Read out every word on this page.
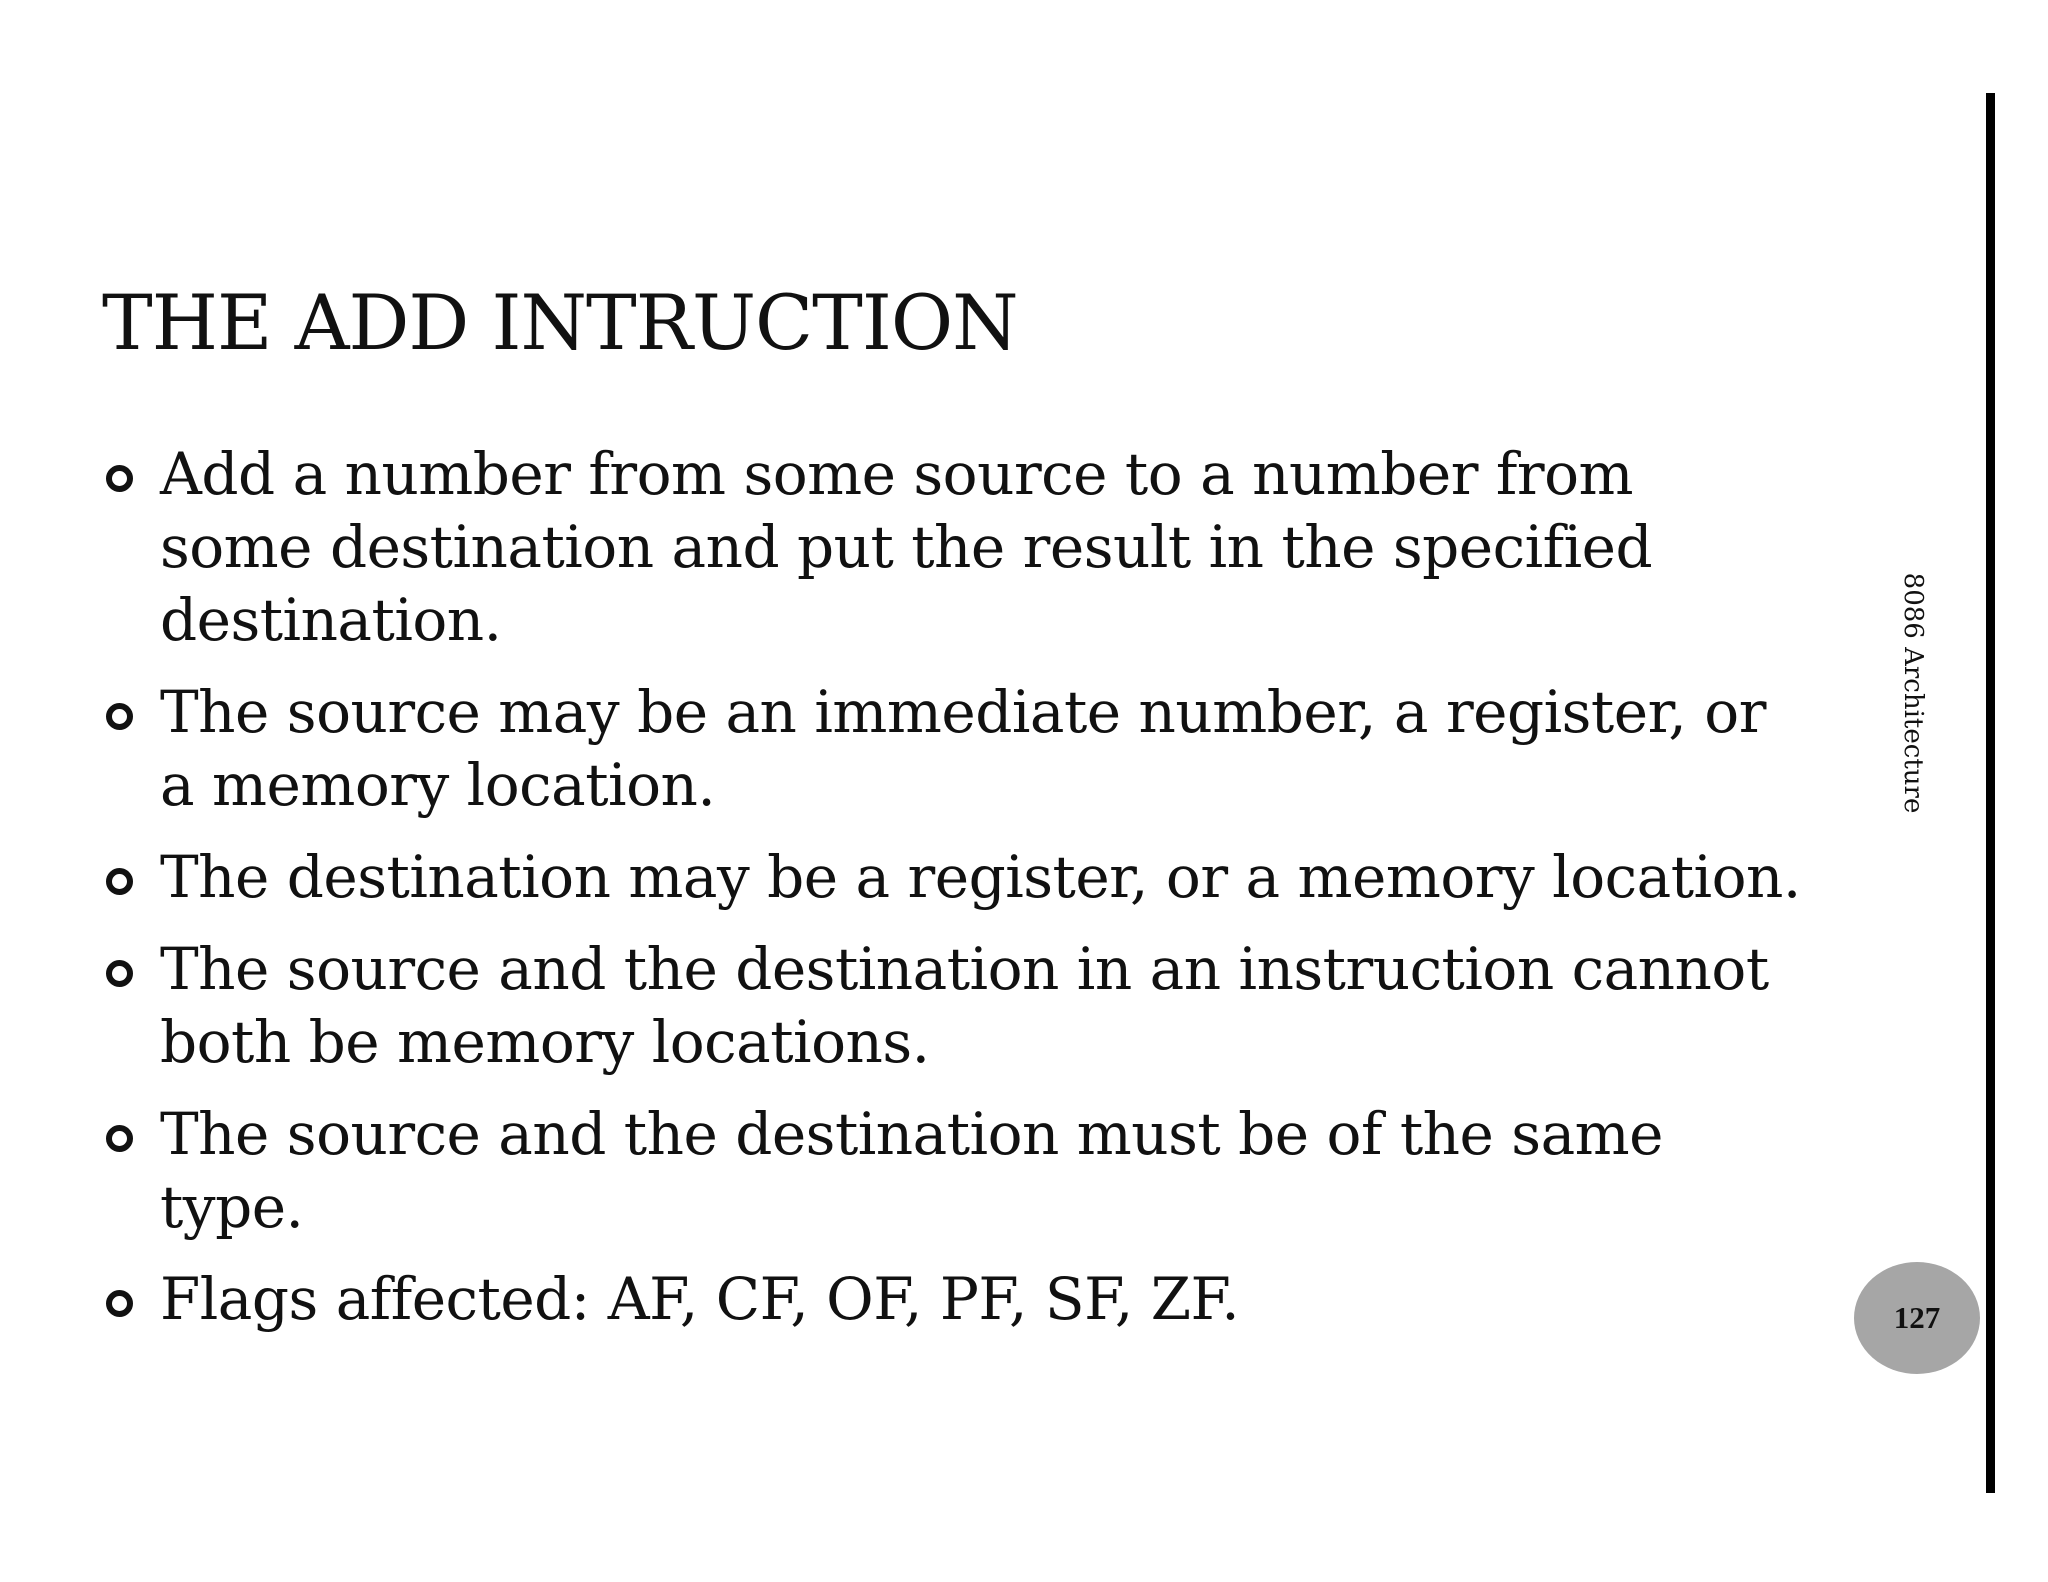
THE ADD INTRUCTION
Add a number from some source to a number from some destination and put the result in the specified destination.
The source may be an immediate number, a register, or a memory location.
The destination may be a register, or a memory location.
The source and the destination in an instruction cannot both be memory locations.
The source and the destination must be of the same type.
Flags affected: AF, CF, OF, PF, SF, ZF.
8086 Architecture
127
